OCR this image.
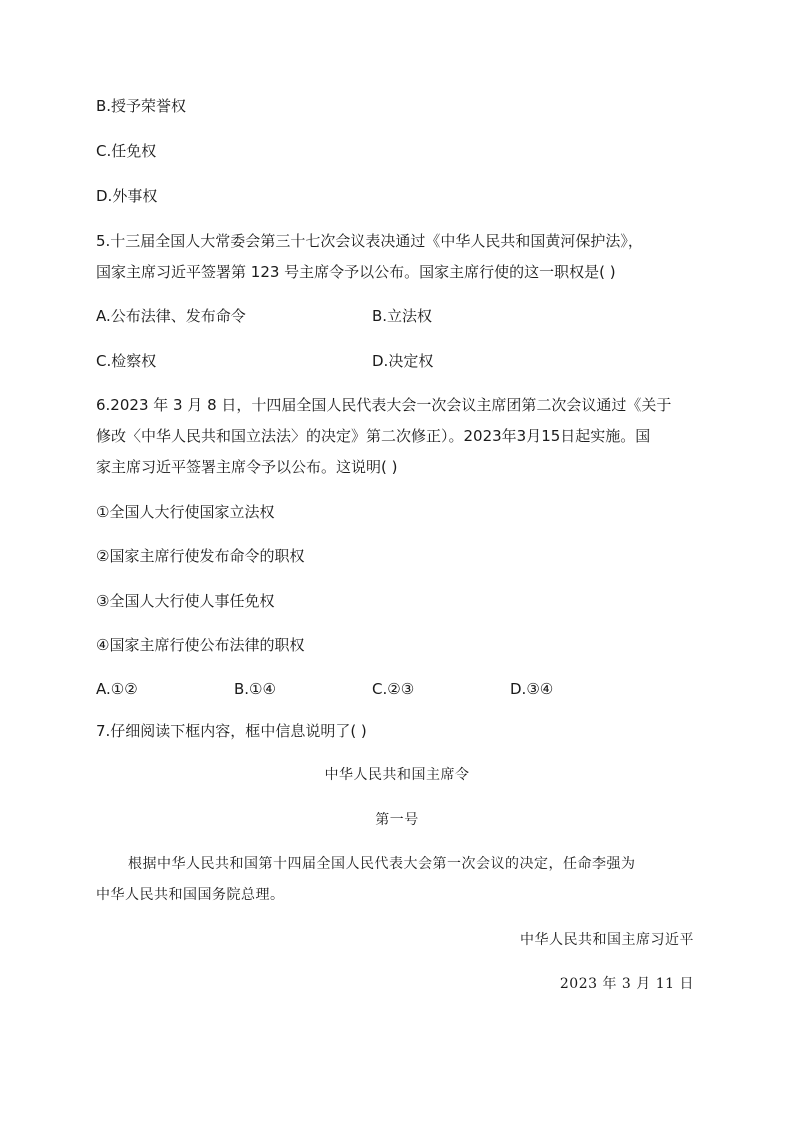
B.授予荣誉权
C.任免权
D.外事权
5.十三届全国人大常委会第三十七次会议表决通过《中华人民共和国黄河保护法》，
国家主席习近平签署第 123 号主席令予以公布。国家主席行使的这一职权是( )
A.公布法律、发布命令	B.立法权
C.检察权	D.决定权
6.2023 年 3 月 8 日，十四届全国人民代表大会一次会议主席团第二次会议通过《关于
修改〈中华人民共和国立法法〉的决定》第二次修正）。2023年3月15日起实施。国
家主席习近平签署主席令予以公布。这说明( )
①全国人大行使国家立法权
②国家主席行使发布命令的职权
③全国人大行使人事任免权
④国家主席行使公布法律的职权
A.①②	B.①④	C.②③	D.③④
7.仔细阅读下框内容，框中信息说明了( )
中华人民共和国主席令
第一号
根据中华人民共和国第十四届全国人民代表大会第一次会议的决定，任命李强为
中华人民共和国国务院总理。
中华人民共和国主席习近平
2023 年 3 月 11 日
